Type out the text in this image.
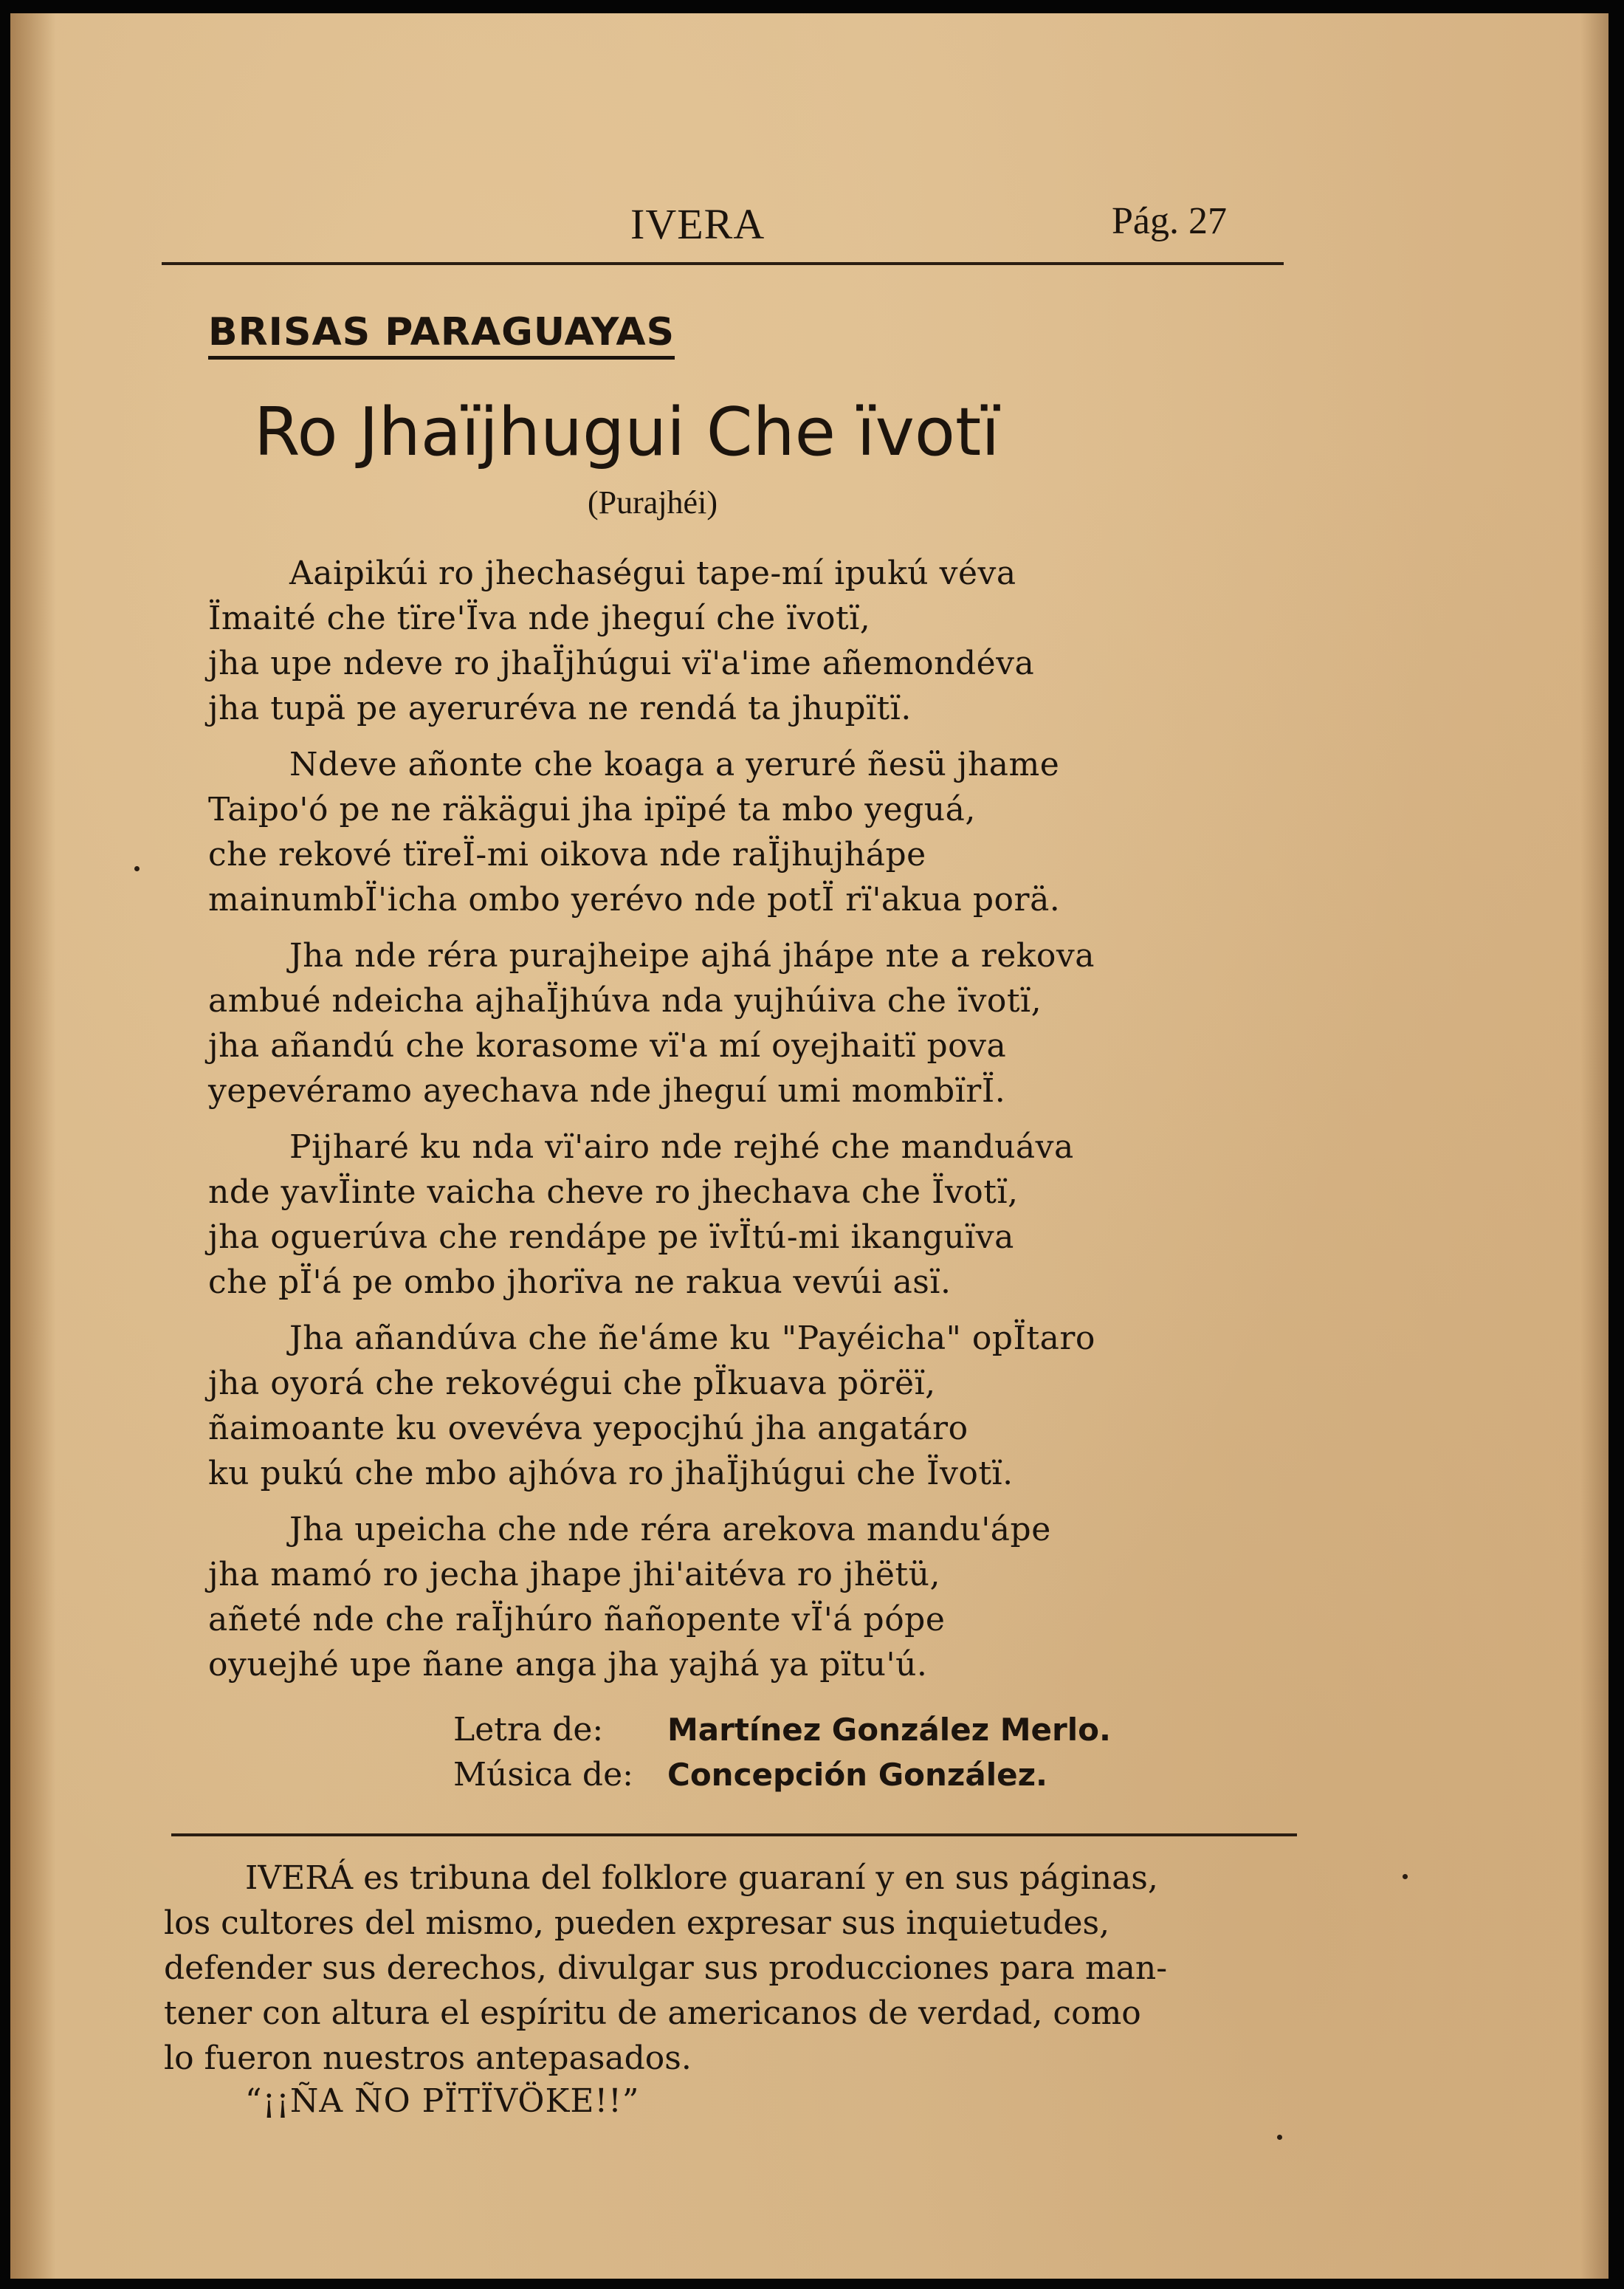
IVERA	Pág. 27
BRISAS PARAGUAYAS
Ro Jhaïjhugui Che ïvotï
(Purajhéi)
Aaipikúi ro jhechaségui tape-mí ipukú véva
Ïmaité che tïre'Ïva nde jheguí che ïvotï,
jha upe ndeve ro jhaÏjhúgui vï'a'ime añemondéva
jha tupä pe ayeruréva ne rendá ta jhupïtï.
Ndeve añonte che koaga a yeruré ñesü jhame
Taipo'ó pe ne räkägui jha ipïpé ta mbo yeguá,
che rekové tïreÏ-mi oikova nde raÏjhujhápe
mainumbÏ'icha ombo yerévo nde potÏ rï'akua porä.
Jha nde réra purajheipe ajhá jhápe nte a rekova
ambué ndeicha ajhaÏjhúva nda yujhúiva che ïvotï,
jha añandú che korasome vï'a mí oyejhaitï pova
yepevéramo ayechava nde jheguí umi mombïrÏ.
Pijharé ku nda vï'airo nde rejhé che manduáva
nde yavÏinte vaicha cheve ro jhechava che Ïvotï,
jha oguerúva che rendápe pe ïvÏtú-mi ikanguïva
che pÏ'á pe ombo jhorïva ne rakua vevúi asï.
Jha añandúva che ñe'áme ku "Payéicha" opÏtaro
jha oyorá che rekovégui che pÏkuava pörëï,
ñaimoante ku ovevéva yepocjhú jha angatáro
ku pukú che mbo ajhóva ro jhaÏjhúgui che Ïvotï.
Jha upeicha che nde réra arekova mandu'ápe
jha mamó ro jecha jhape jhi'aitéva ro jhëtü,
añeté nde che raÏjhúro ñañopente vÏ'á pópe
oyuejhé upe ñane anga jha yajhá ya pïtu'ú.
Letra de: Martínez González Merlo.
Música de: Concepción González.
IVERÁ es tribuna del folklore guaraní y en sus páginas,
los cultores del mismo, pueden expresar sus inquietudes,
defender sus derechos, divulgar sus producciones para man-
tener con altura el espíritu de americanos de verdad, como
lo fueron nuestros antepasados.
“¡¡ÑA ÑO PÏTÏVÖKE!!”
